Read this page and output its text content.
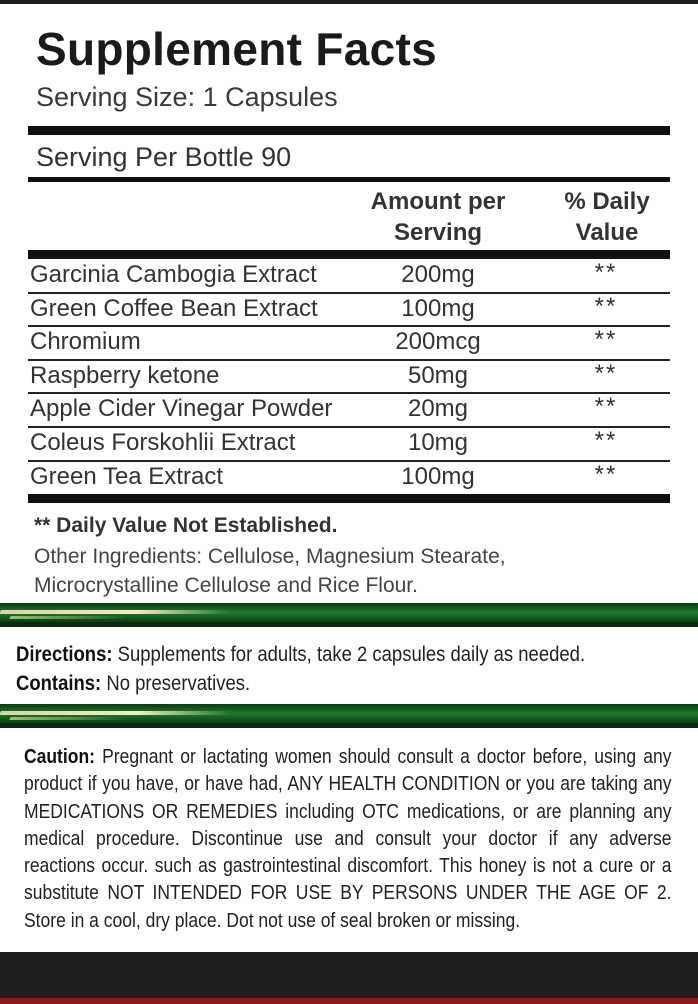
Supplement Facts
Serving Size: 1 Capsules
Serving Per Bottle 90
Amount per
Serving
% Daily
Value
Garcinia Cambogia Extract	200mg	**
Green Coffee Bean Extract	100mg	**
Chromium	200mcg	**
Raspberry ketone	50mg	**
Apple Cider Vinegar Powder	20mg	**
Coleus Forskohlii Extract	10mg	**
Green Tea Extract	100mg	**
** Daily Value Not Established.
Other Ingredients: Cellulose, Magnesium Stearate, Microcrystalline Cellulose and Rice Flour.
Directions: Supplements for adults, take 2 capsules daily as needed.
Contains: No preservatives.
Caution: Pregnant or lactating women should consult a doctor before, using any product if you have, or have had, ANY HEALTH CONDITION or you are taking any MEDICATIONS OR REMEDIES including OTC medications, or are planning any medical procedure. Discontinue use and consult your doctor if any adverse reactions occur. such as gastrointestinal discomfort. This honey is not a cure or a substitute NOT INTENDED FOR USE BY PERSONS UNDER THE AGE OF 2. Store in a cool, dry place. Dot not use of seal broken or missing.
